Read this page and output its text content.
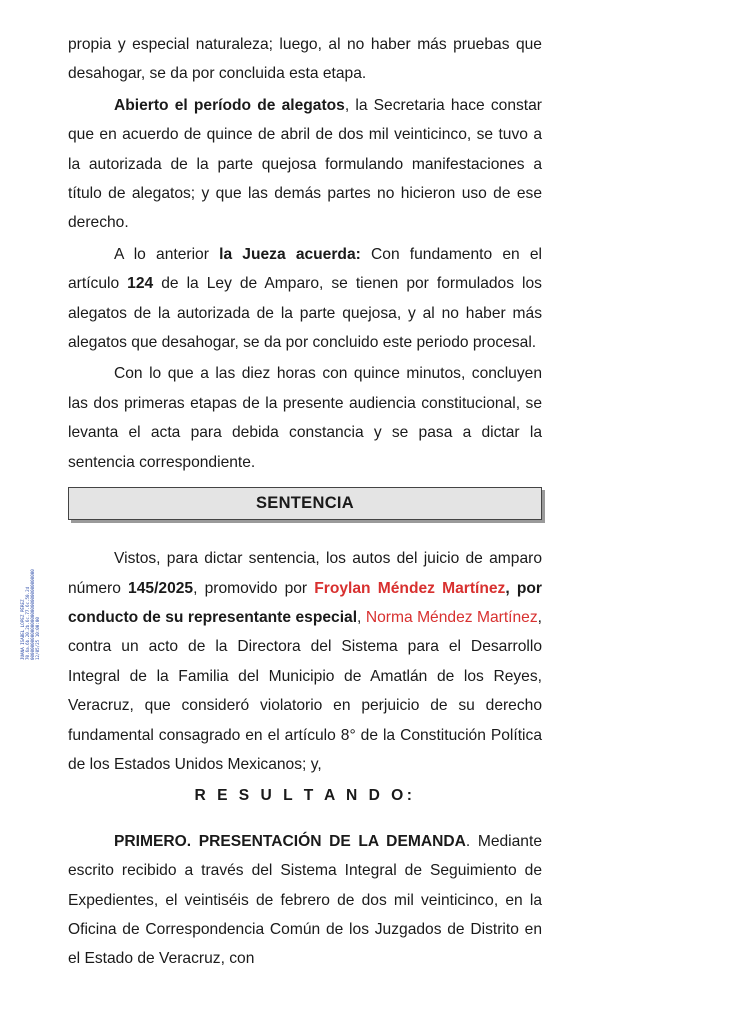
JUANA ISABEL LÓPEZ PÉREZ
70.6a.6b.20.2b.6c.77.6c.50.2d
000000000000000000000000000000000000
12/05/25 10:00:00

propia y especial naturaleza; luego, al no haber más pruebas que desahogar, se da por concluida esta etapa.

Abierto el período de alegatos, la Secretaria hace constar que en acuerdo de quince de abril de dos mil veinticinco, se tuvo a la autorizada de la parte quejosa formulando manifestaciones a título de alegatos; y que las demás partes no hicieron uso de ese derecho.

A lo anterior la Jueza acuerda: Con fundamento en el artículo 124 de la Ley de Amparo, se tienen por formulados los alegatos de la autorizada de la parte quejosa, y al no haber más alegatos que desahogar, se da por concluido este periodo procesal.

Con lo que a las diez horas con quince minutos, concluyen las dos primeras etapas de la presente audiencia constitucional, se levanta el acta para debida constancia y se pasa a dictar la sentencia correspondiente.

SENTENCIA

Vistos, para dictar sentencia, los autos del juicio de amparo número 145/2025, promovido por Froylan Méndez Martínez, por conducto de su representante especial, Norma Méndez Martínez, contra un acto de la Directora del Sistema para el Desarrollo Integral de la Familia del Municipio de Amatlán de los Reyes, Veracruz, que consideró violatorio en perjuicio de su derecho fundamental consagrado en el artículo 8° de la Constitución Política de los Estados Unidos Mexicanos; y,

R E S U L T A N D O:

PRIMERO. PRESENTACIÓN DE LA DEMANDA. Mediante escrito recibido a través del Sistema Integral de Seguimiento de Expedientes, el veintiséis de febrero de dos mil veinticinco, en la Oficina de Correspondencia Común de los Juzgados de Distrito en el Estado de Veracruz, con
